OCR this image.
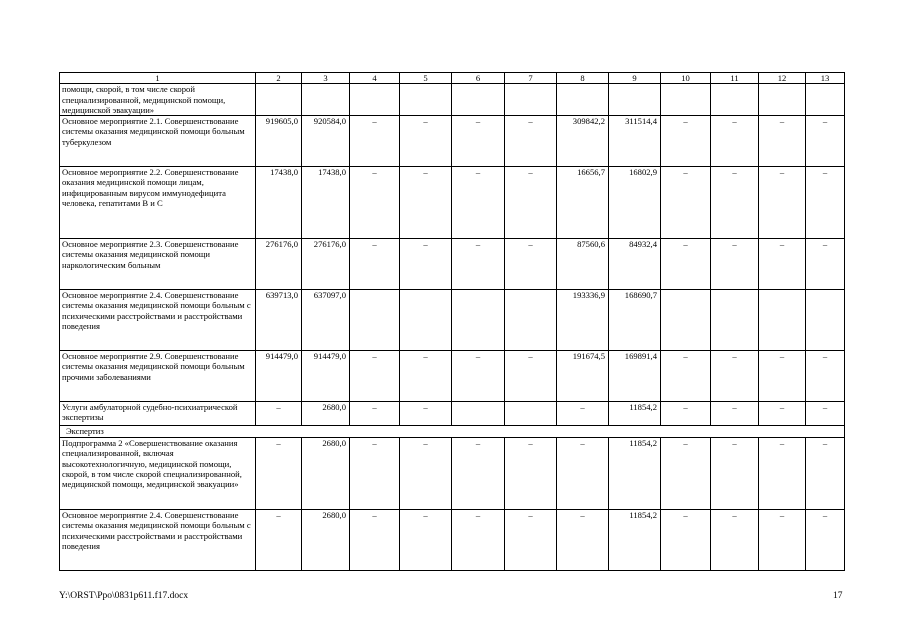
1	2	3	4	5	6	7	8	9	10	11	12	13
помощи, скорой, в том числе скорой специализированной, медицинской помощи, медицинской эвакуации»												
Основное мероприятие 2.1. Совершенствование системы оказания медицинской помощи больным туберкулезом	919605,0	920584,0	–	–	–	–	309842,2	311514,4	–	–	–	–
Основное мероприятие 2.2. Совершенствование оказания медицинской помощи лицам, инфицированным вирусом иммунодефицита человека, гепатитами В и С	17438,0	17438,0	–	–	–	–	16656,7	16802,9	–	–	–	–
Основное мероприятие 2.3. Совершенствование системы оказания медицинской помощи наркологическим больным	276176,0	276176,0	–	–	–	–	87560,6	84932,4	–	–	–	–
Основное мероприятие 2.4. Совершенствование системы оказания медицинской помощи больным с психическими расстройствами и расстройствами поведения	639713,0	637097,0					193336,9	168690,7				
Основное мероприятие 2.9. Совершенствование системы оказания медицинской помощи больным прочими заболеваниями	914479,0	914479,0	–	–	–	–	191674,5	169891,4	–	–	–	–
Услуги амбулаторной судебно-психиатрической экспертизы	–	2680,0	–	–			–	11854,2	–	–	–	–
Экспертиз												
Подпрограмма 2 «Совершенствование оказания специализированной, включая высокотехнологичную, медицинской помощи, скорой, в том числе скорой специализированной, медицинской помощи, медицинской эвакуации»	–	2680,0	–	–	–	–	–	11854,2	–	–	–	–
Основное мероприятие 2.4. Совершенствование системы оказания медицинской помощи больным с психическими расстройствами и расстройствами поведения	–	2680,0	–	–	–	–	–	11854,2	–	–	–	–
Y:\ORST\Ppo\0831p611.f17.docx	17
